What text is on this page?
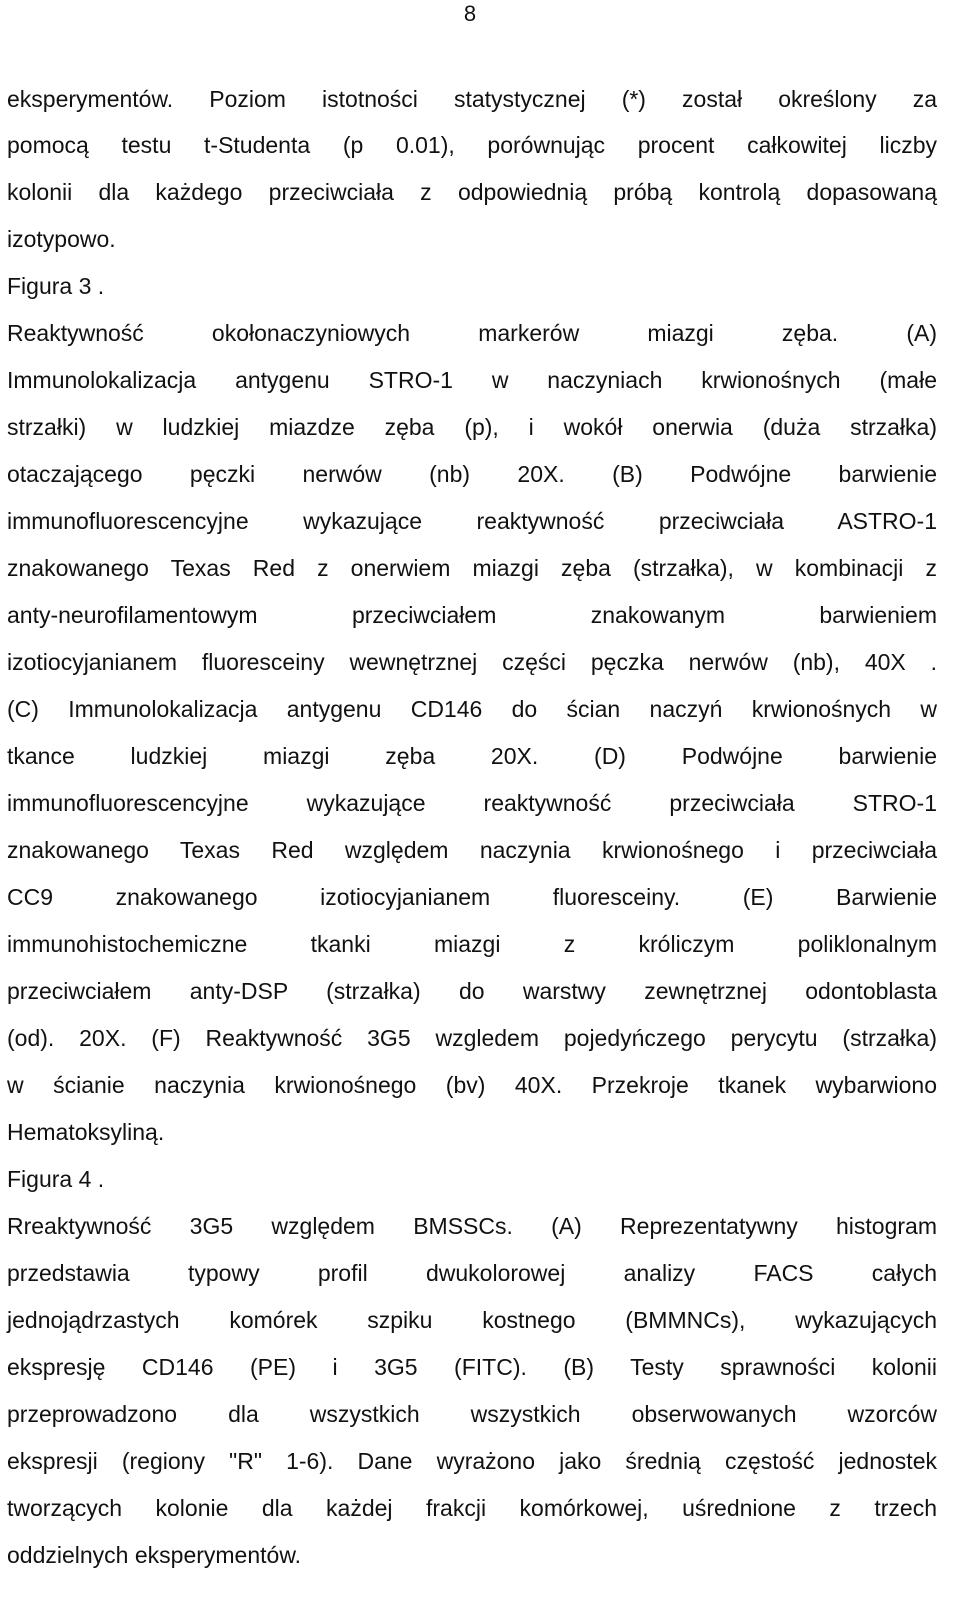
8
eksperymentów. Poziom istotności statystycznej (*) został określony za
pomocą testu t-Studenta (p 0.01), porównując procent całkowitej liczby
kolonii dla każdego przeciwciała z odpowiednią próbą kontrolą dopasowaną
izotypowo.
Figura 3 .
Reaktywność okołonaczyniowych markerów miazgi zęba. (A)
Immunolokalizacja antygenu STRO-1 w naczyniach krwionośnych (małe
strzałki) w ludzkiej miazdze zęba (p), i wokół onerwia (duża strzałka)
otaczającego pęczki nerwów (nb) 20X. (B) Podwójne barwienie
immunofluorescencyjne wykazujące reaktywność przeciwciała ASTRO-1
znakowanego Texas Red z onerwiem miazgi zęba (strzałka), w kombinacji z
anty-neurofilamentowym przeciwciałem znakowanym barwieniem
izotiocyjanianem fluoresceiny wewnętrznej części pęczka nerwów (nb), 40X .
(C) Immunolokalizacja antygenu CD146 do ścian naczyń krwionośnych w
tkance ludzkiej miazgi zęba 20X. (D) Podwójne barwienie
immunofluorescencyjne wykazujące reaktywność przeciwciała STRO-1
znakowanego Texas Red względem naczynia krwionośnego i przeciwciała
CC9 znakowanego izotiocyjanianem fluoresceiny. (E) Barwienie
immunohistochemiczne tkanki miazgi z króliczym poliklonalnym
przeciwciałem anty-DSP (strzałka) do warstwy zewnętrznej odontoblasta
(od). 20X. (F) Reaktywność 3G5 wzgledem pojedyńczego perycytu (strzałka)
w ścianie naczynia krwionośnego (bv) 40X. Przekroje tkanek wybarwiono
Hematoksyliną.
Figura 4 .
Rreaktywność 3G5 względem BMSSCs. (A) Reprezentatywny histogram
przedstawia typowy profil dwukolorowej analizy FACS całych
jednojądrzastych komórek szpiku kostnego (BMMNCs), wykazujących
ekspresję CD146 (PE) i 3G5 (FITC). (B) Testy sprawności kolonii
przeprowadzono dla wszystkich wszystkich obserwowanych wzorców
ekspresji (regiony "R" 1-6). Dane wyrażono jako średnią częstość jednostek
tworzących kolonie dla każdej frakcji komórkowej, uśrednione z trzech
oddzielnych eksperymentów.
